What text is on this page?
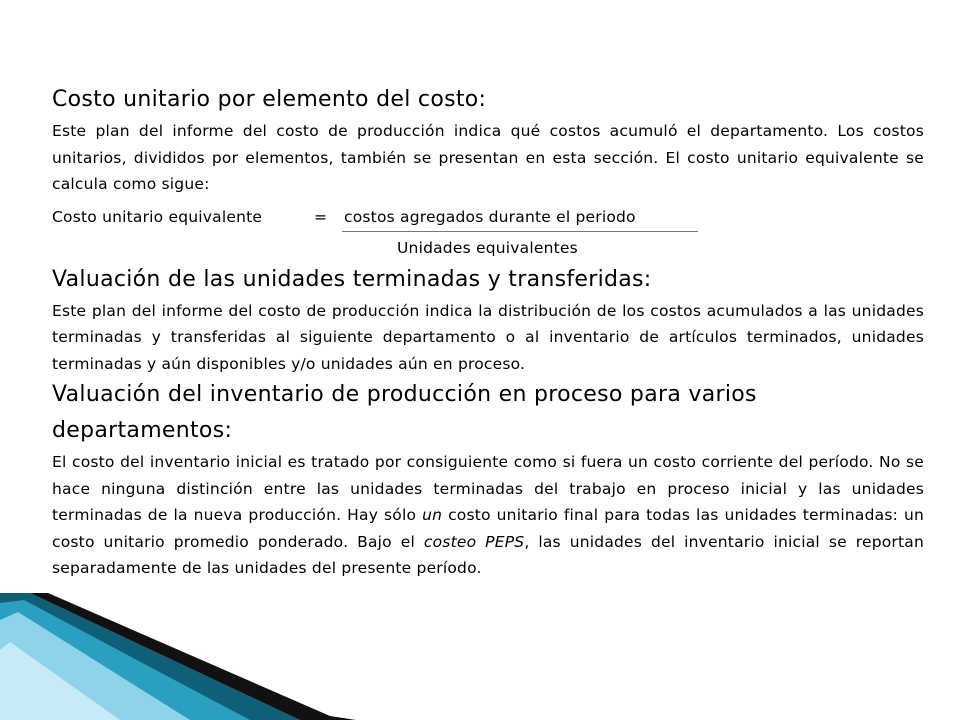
Costo unitario por elemento del costo:

Este plan del informe del costo de producción indica qué costos acumuló el departamento. Los costos unitarios, divididos por elementos, también se presentan en esta sección. El costo unitario equivalente se calcula como sigue:

Costo unitario equivalente	= costos agregados durante el periodo
Unidades equivalentes
Valuación de las unidades terminadas y transferidas:

Este plan del informe del costo de producción indica la distribución de los costos acumulados a las unidades terminadas y transferidas al siguiente departamento o al inventario de artículos terminados, unidades terminadas y aún disponibles y/o unidades aún en proceso.

Valuación del inventario de producción en proceso para varios departamentos:

El costo del inventario inicial es tratado por consiguiente como si fuera un costo corriente del período. No se hace ninguna distinción entre las unidades terminadas del trabajo en proceso inicial y las unidades terminadas de la nueva producción. Hay sólo un costo unitario final para todas las unidades terminadas: un costo unitario promedio ponderado. Bajo el costeo PEPS, las unidades del inventario inicial se reportan separadamente de las unidades del presente período.
